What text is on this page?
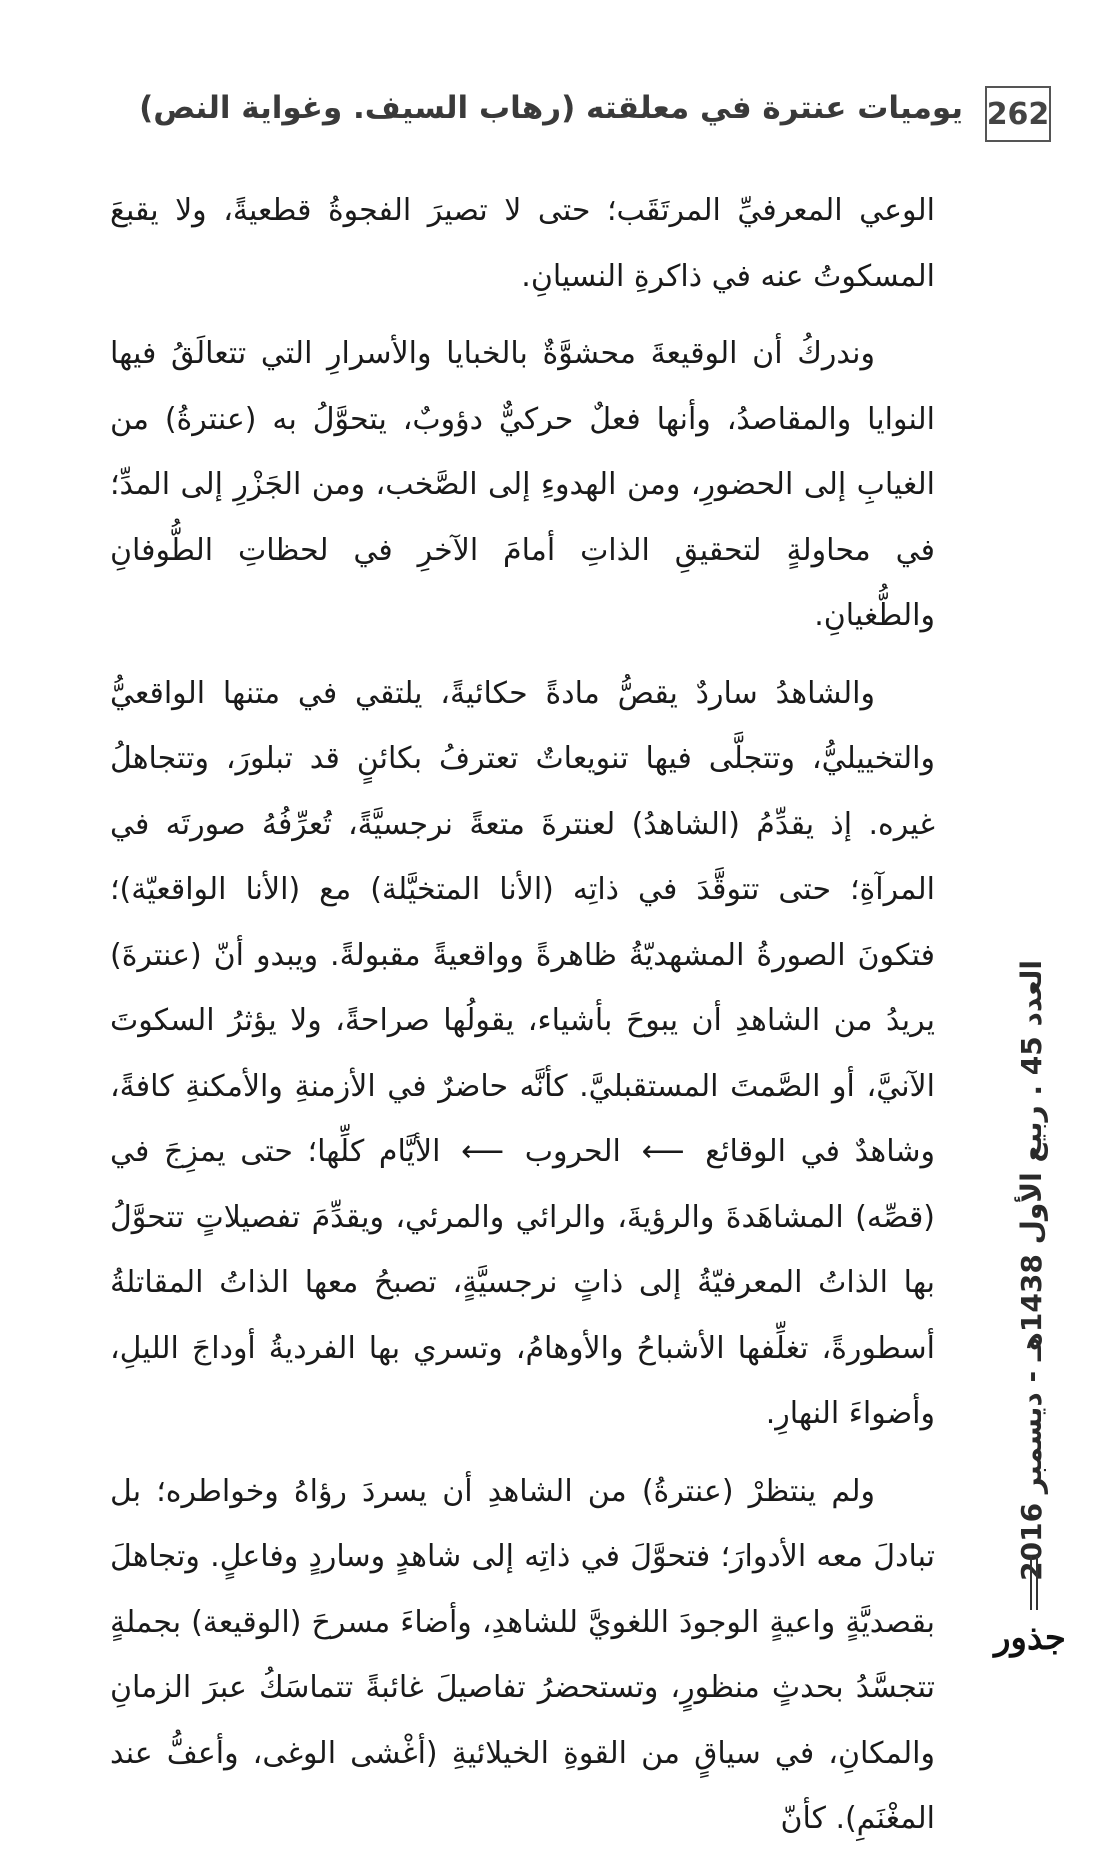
262
يوميات عنترة في معلقته (رهاب السيف. وغواية النص)

الوعي المعرفيِّ المرتَقَب؛ حتى لا تصيرَ الفجوةُ قطعيةً، ولا يقبعَ المسكوتُ عنه في ذاكرةِ النسيانِ.

وندركُ أن الوقيعةَ محشوَّةٌ بالخبايا والأسرارِ التي تتعالَقُ فيها النوايا والمقاصدُ، وأنها فعلٌ حركيٌّ دؤوبٌ، يتحوَّلُ به (عنترةُ) من الغيابِ إلى الحضورِ، ومن الهدوءِ إلى الصَّخب، ومن الجَزْرِ إلى المدِّ؛ في محاولةٍ لتحقيقِ الذاتِ أمامَ الآخرِ في لحظاتِ الطُّوفانِ والطُّغيانِ.

والشاهدُ ساردٌ يقصُّ مادةً حكائيةً، يلتقي في متنها الواقعيُّ والتخييليُّ، وتتجلَّى فيها تنويعاتٌ تعترفُ بكائنٍ قد تبلورَ، وتتجاهلُ غيره. إذ يقدِّمُ (الشاهدُ) لعنترةَ متعةً نرجسيَّةً، تُعرِّفُهُ صورتَه في المرآةِ؛ حتى تتوقَّدَ في ذاتِه (الأنا المتخيَّلة) مع (الأنا الواقعيّة)؛ فتكونَ الصورةُ المشهديّةُ ظاهرةً وواقعيةً مقبولةً. ويبدو أنّ (عنترةَ) يريدُ من الشاهدِ أن يبوحَ بأشياء، يقولُها صراحةً، ولا يؤثرُ السكوتَ الآنيَّ، أو الصَّمتَ المستقبليَّ. كأنَّه حاضرٌ في الأزمنةِ والأمكنةِ كافةً، وشاهدٌ في الوقائع ⟵ الحروب ⟵ الأيَّام كلِّها؛ حتى يمزِجَ في (قصِّه) المشاهَدةَ والرؤيةَ، والرائي والمرئي، ويقدِّمَ تفصيلاتٍ تتحوَّلُ بها الذاتُ المعرفيّةُ إلى ذاتٍ نرجسيَّةٍ، تصبحُ معها الذاتُ المقاتلةُ أسطورةً، تغلِّفها الأشباحُ والأوهامُ، وتسري بها الفرديةُ أوداجَ الليلِ، وأضواءَ النهارِ.

ولم ينتظرْ (عنترةُ) من الشاهدِ أن يسردَ رؤاهُ وخواطره؛ بل تبادلَ معه الأدوارَ؛ فتحوَّلَ في ذاتِه إلى شاهدٍ وساردٍ وفاعلٍ. وتجاهلَ بقصديَّةٍ واعيةٍ الوجودَ اللغويَّ للشاهدِ، وأضاءَ مسرحَ (الوقيعة) بجملةٍ تتجسَّدُ بحدثٍ منظورٍ، وتستحضرُ تفاصيلَ غائبةً تتماسَكُ عبرَ الزمانِ والمكانِ، في سياقٍ من القوةِ الخيلائيةِ (أغْشى الوغى، وأعفُّ عند المغْنَمِ). كأنّ

العدد 45 . ربيع الأول 1438هـ - ديسمبر 2016
جذور
